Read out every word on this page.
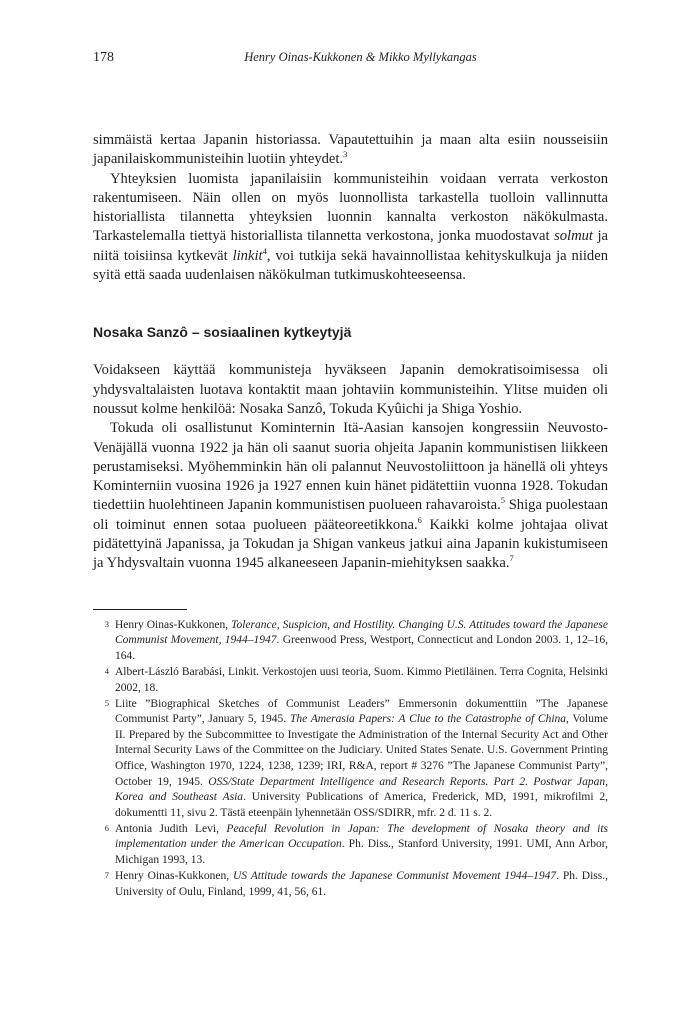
178	Henry Oinas-Kukkonen & Mikko Myllykangas

simmäistä kertaa Japanin historiassa. Vapautettuihin ja maan alta esiin nousseisiin japanilaiskommunisteihin luotiin yhteydet.$^3$

Yhteyksien luomista japanilaisiin kommunisteihin voidaan verrata verkoston rakentumiseen. Näin ollen on myös luonnollista tarkastella tuolloin vallinnutta historiallista tilannetta yhteyksien luonnin kannalta verkoston näkökulmasta. Tarkastelemalla tiettyä historiallista tilannetta verkostona, jonka muodostavat solmut ja niitä toisiinsa kytkevät linkit$^4$, voi tutkija sekä havainnollistaa kehityskulkuja ja niiden syitä että saada uudenlaisen näkökulman tutkimuskohteeseensa.

Nosaka Sanzô – sosiaalinen kytkeytyjä

Voidakseen käyttää kommunisteja hyväkseen Japanin demokratisoimisessa oli yhdysvaltalaisten luotava kontaktit maan johtaviin kommunisteihin. Ylitse muiden oli noussut kolme henkilöä: Nosaka Sanzô, Tokuda Kyûichi ja Shiga Yoshio.

Tokuda oli osallistunut Kominternin Itä-Aasian kansojen kongressiin Neuvosto-Venäjällä vuonna 1922 ja hän oli saanut suoria ohjeita Japanin kommunistisen liikkeen perustamiseksi. Myöhemminkin hän oli palannut Neuvostoliittoon ja hänellä oli yhteys Kominterniin vuosina 1926 ja 1927 ennen kuin hänet pidätettiin vuonna 1928. Tokudan tiedettiin huolehtineen Japanin kommunistisen puolueen rahavaroista.$^5$ Shiga puolestaan oli toiminut ennen sotaa puolueen pääteoreetikkona.$^6$ Kaikki kolme johtajaa olivat pidätettyinä Japanissa, ja Tokudan ja Shigan vankeus jatkui aina Japanin kukistumiseen ja Yhdysvaltain vuonna 1945 alkaneeseen Japanin-miehityksen saakka.$^7$

3 Henry Oinas-Kukkonen, Tolerance, Suspicion, and Hostility. Changing U.S. Attitudes toward the Japanese Communist Movement, 1944–1947. Greenwood Press, Westport, Connecticut and London 2003. 1, 12–16, 164.
4 Albert-László Barabási, Linkit. Verkostojen uusi teoria, Suom. Kimmo Pietiläinen. Terra Cognita, Helsinki 2002, 18.
5 Liite ”Biographical Sketches of Communist Leaders” Emmersonin dokumenttiin ”The Japanese Communist Party”, January 5, 1945. The Amerasia Papers: A Clue to the Catastrophe of China, Volume II. Prepared by the Subcommittee to Investigate the Administration of the Internal Security Act and Other Internal Security Laws of the Committee on the Judiciary. United States Senate. U.S. Government Printing Office, Washington 1970, 1224, 1238, 1239; IRI, R&A, report # 3276 ”The Japanese Communist Party”, October 19, 1945. OSS/State Department Intelligence and Research Reports. Part 2. Postwar Japan, Korea and Southeast Asia. University Publications of America, Frederick, MD, 1991, mikrofilmi 2, dokumentti 11, sivu 2. Tästä eteenpäin lyhennetään OSS/SDIRR, mfr. 2 d. 11 s. 2.
6 Antonia Judith Levi, Peaceful Revolution in Japan: The development of Nosaka theory and its implementation under the American Occupation. Ph. Diss., Stanford University, 1991. UMI, Ann Arbor, Michigan 1993, 13.
7 Henry Oinas-Kukkonen, US Attitude towards the Japanese Communist Movement 1944–1947. Ph. Diss., University of Oulu, Finland, 1999, 41, 56, 61.
